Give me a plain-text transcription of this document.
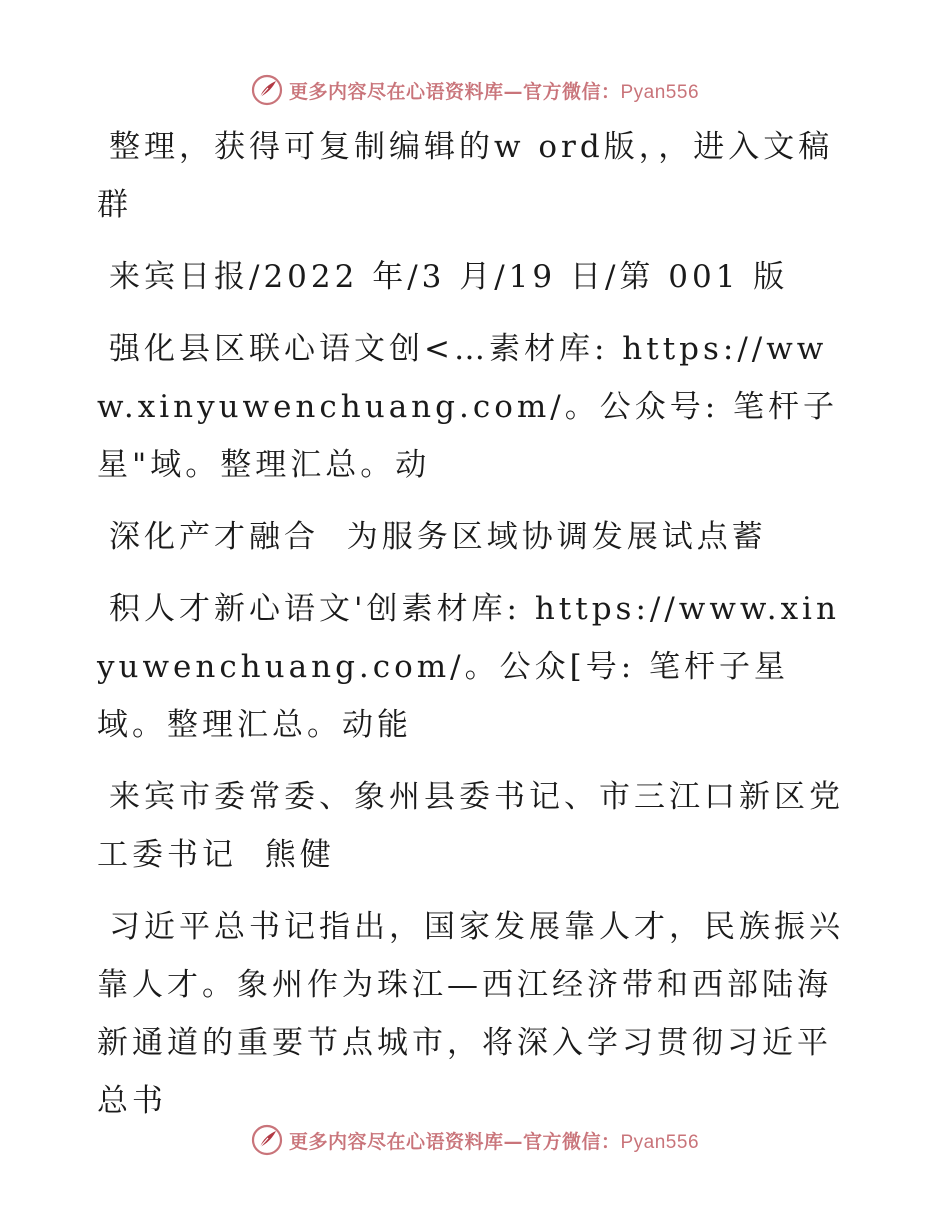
更多内容尽在心语资料库—官方微信：Pyan556

整理，获得可复制编辑的w ord版，，进入文稿群

来宾日报/2022 年/3 月/19 日/第 001 版

强化县区联心语文创<…素材库: https://www.xinyuwenchuang.com/。公众号: 笔杆子星"域。整理汇总。动

深化产才融合  为服务区域协调发展试点蓄

积人才新心语文'创素材库: https://www.xinyuwenchuang.com/。公众[号: 笔杆子星域。整理汇总。动能

来宾市委常委、象州县委书记、市三江口新区党工委书记  熊健

习近平总书记指出，国家发展靠人才，民族振兴靠人才。象州作为珠江—西江经济带和西部陆海新通道的重要节点城市，将深入学习贯彻习近平总书

更多内容尽在心语资料库—官方微信：Pyan556
